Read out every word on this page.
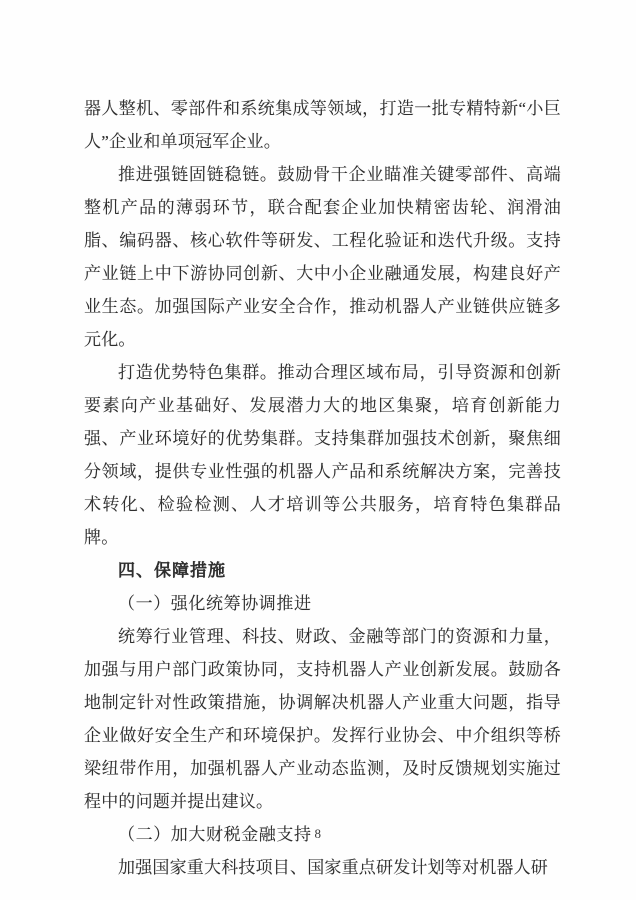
器人整机、零部件和系统集成等领域，打造一批专精特新“小巨人”企业和单项冠军企业。

推进强链固链稳链。鼓励骨干企业瞄准关键零部件、高端整机产品的薄弱环节，联合配套企业加快精密齿轮、润滑油脂、编码器、核心软件等研发、工程化验证和迭代升级。支持产业链上中下游协同创新、大中小企业融通发展，构建良好产业生态。加强国际产业安全合作，推动机器人产业链供应链多元化。

打造优势特色集群。推动合理区域布局，引导资源和创新要素向产业基础好、发展潜力大的地区集聚，培育创新能力强、产业环境好的优势集群。支持集群加强技术创新，聚焦细分领域，提供专业性强的机器人产品和系统解决方案，完善技术转化、检验检测、人才培训等公共服务，培育特色集群品牌。

四、保障措施

（一）强化统筹协调推进

统筹行业管理、科技、财政、金融等部门的资源和力量，加强与用户部门政策协同，支持机器人产业创新发展。鼓励各地制定针对性政策措施，协调解决机器人产业重大问题，指导企业做好安全生产和环境保护。发挥行业协会、中介组织等桥梁纽带作用，加强机器人产业动态监测，及时反馈规划实施过程中的问题并提出建议。

（二）加大财税金融支持

加强国家重大科技项目、国家重点研发计划等对机器人研

8
